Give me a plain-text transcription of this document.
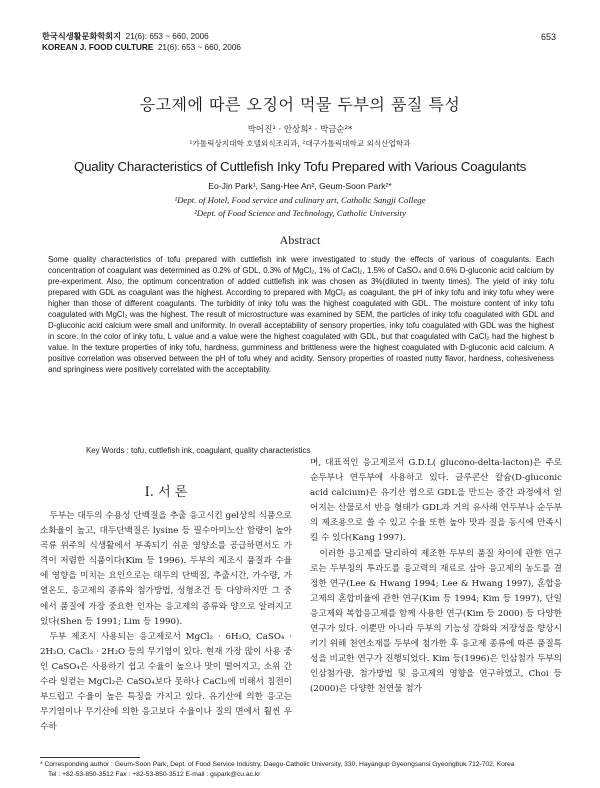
한국식생활문화학회지 21(6): 653 ~ 660, 2006
KOREAN J. FOOD CULTURE 21(6): 653 ~ 660, 2006
653
응고제에 따른 오징어 먹물 두부의 품질 특성
박어진¹ · 안상희² · 박금순²*
¹가톨릭상지대학 호텔외식조리과, ²대구가톨릭대학교 외식산업학과
Quality Characteristics of Cuttlefish Inky Tofu Prepared with Various Coagulants
Eo-Jin Park¹, Sang-Hee An², Geum-Soon Park²*
¹Dept. of Hotel, Food service and culinary art, Catholic Sangji College
²Dept. of Food Science and Technology, Catholic University
Abstract
Some quality characteristics of tofu prepared with cuttlefish ink were investigated to study the effects of various of coagulants. Each concentration of coagulant was determined as 0.2% of GDL, 0.3% of MgCl₂, 1% of CaCl₂, 1.5% of CaSO₄ and 0.6% D-gluconic acid calcium by pre-experiment. Also, the optimum concentration of added cuttlefish ink was chosen as 3%(diluted in twenty times). The yield of inky tofu prepared with GDL as coagulant was the highest. According to prepared with MgCl₂ as coagulant, the pH of inky tofu and inky tofu whey were higher than those of different coagulants. The turbidity of inky tofu was the highest coagulated with GDL. The moisture content of inky tofu coagulated with MgCl₂ was the highest. The result of microstructure was examined by SEM, the particles of inky tofu coagulated with GDL and D-gluconic acid calcium were small and uniformity. In overall acceptability of sensory properties, inky tofu coagulated with GDL was the highest in score. In the color of inky tofu, L value and a value were the highest coagulated with GDL, but that coagulated with CaCl₂ had the highest b value. In the texture properties of inky tofu, hardness, gumminess and brittleness were the highest coagulated with D-gluconic acid calcium. A positive correlation was observed between the pH of tofu whey and acidity. Sensory properties of roasted nutty flavor, hardness, cohesiveness and springiness were positively correlated with the acceptability.
Key Words : tofu, cuttlefish ink, coagulant, quality characteristics
I. 서 론

두부는 대두의 수용성 단백질을 추출 응고시킨 gel상의 식품으로 소화율이 높고, 대두단백질은 lysine 등 필수아미노산 함량이 높아 곡류 위주의 식생활에서 부족되기 쉬운 영양소를 공급하면서도 가격이 저렴한 식품이다(Kim 등 1996). 두부의 제조시 품질과 수율에 영향을 미치는 요인으로는 대두의 단백질, 추출시간, 가수량, 가열온도, 응고제의 종류와 첨가방법, 성형조건 등 다양하지만 그 중에서 품질에 가장 중요한 인자는 응고제의 종류와 양으로 알려지고 있다(Shen 등 1991; Lim 등 1990).

두부 제조시 사용되는 응고제로서 MgCl₂ · 6H₂O, CaSO₄ · 2H₂O, CaCl₂ · 2H₂O 등의 무기염이 있다. 현재 가장 많이 사용 중인 CaSO₄은 사용하기 쉽고 수율이 높으나 맛이 떨어지고, 소위 간수라 일컫는 MgCl₂은 CaSO₄보다 못하나 CaCl₂에 비해서 침전이 부드럽고 수율이 높은 특징을 가지고 있다. 유기산에 의한 응고는 무기염이나 무기산에 의한 응고보다 수율이나 질의 면에서 훨씬 우수하

며, 대표적인 응고제로서 G.D.L( glucono-delta-lacton)은 주로 순두부나 연두부에 사용하고 있다. 글루콘산 칼슘(D-gluconic acid calcium)은 유기산 염으로 GDL을 만드는 중간 과정에서 얻어지는 산물로서 반응 형태가 GDL과 거의 유사해 연두부나 순두부의 제조용으로 쓸 수 있고 수율 또한 높아 맛과 질을 동시에 만족시킬 수 있다(Kang 1997).

이러한 응고제를 달리하여 제조한 두부의 품질 차이에 관한 연구로는 두부칭의 투과도를 응고력의 재료로 삼아 응고제의 농도를 결정한 연구(Lee & Hwang 1994; Lee & Hwang 1997), 혼합응고제의 혼합비율에 관한 연구(Kim 등 1994; Kim 등 1997), 단일 응고제와 복합응고제를 함께 사용한 연구(Kim 등 2000) 등 다양한 연구가 있다. 이뿐만 아니라 두부의 기능성 강화와 저장성을 향상시키기 위해 천연소재를 두부에 첨가한 후 응고제 종류에 따른 품질특성을 비교한 연구가 진행되었다. Kim 등(1996)은 인삼첨가 두부의 인삼첨가량, 첨가방법 및 응고제의 영향을 연구하였고, Choi 등(2000)은 다양한 천연물 첨가

* Corresponding author : Geum-Soon Park, Dept. of Food Service Industry, Daegu-Catholic University, 330, Hayangup Gyeongsansi Gyeongbuk 712-702, Korea
Tel : +82-53-850-3512 Fax : +82-53-850-3512 E-mail : gspark@cu.ac.kr
